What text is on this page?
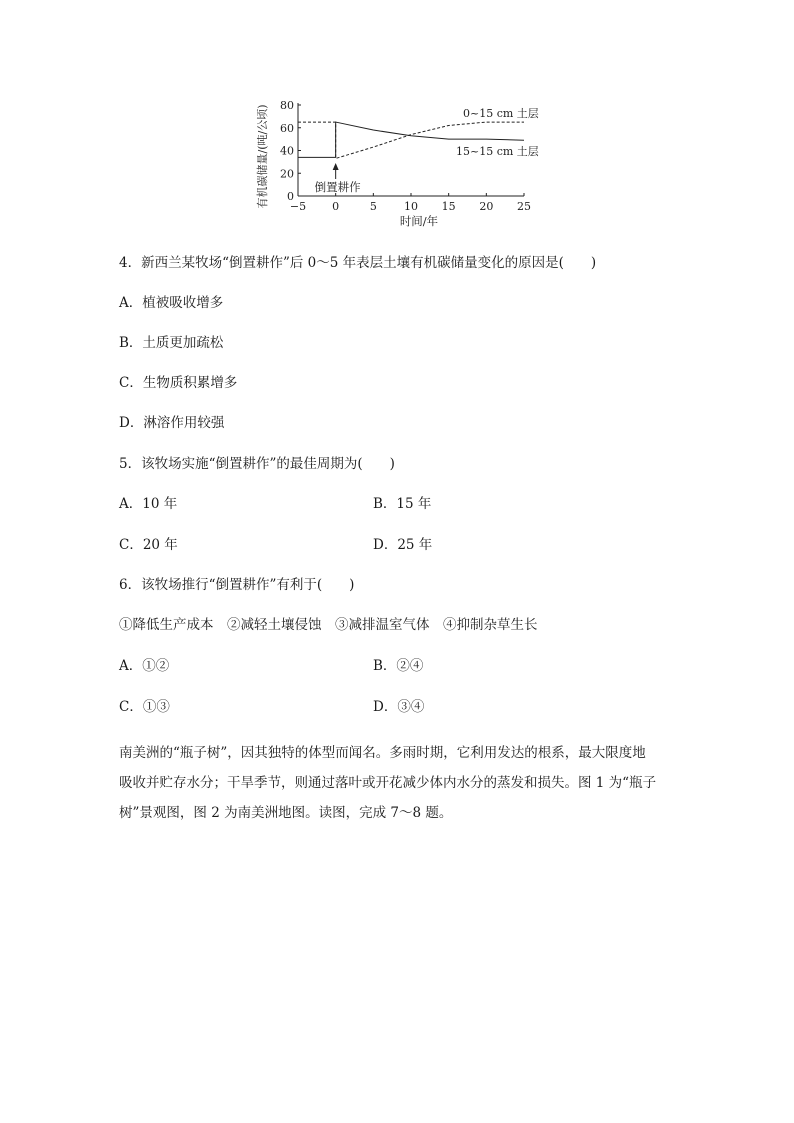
0
20
40
60
80
−5 0	5 10 15 20 25
时间/年
有机碳储量/(吨/公顷)	0~15 cm 土层
15~15 cm 土层
倒置耕作
4．新西兰某牧场“倒置耕作”后 0～5 年表层土壤有机碳储量变化的原因是(　　)
A．植被吸收增多
B．土质更加疏松
C．生物质积累增多
D．淋溶作用较强
5．该牧场实施“倒置耕作”的最佳周期为(　　)
A．10 年	B．15 年
C．20 年	D．25 年
6．该牧场推行“倒置耕作”有利于(　　)
①降低生产成本　②减轻土壤侵蚀　③减排温室气体　④抑制杂草生长
A．①②	B．②④
C．①③	D．③④
南美洲的“瓶子树”，因其独特的体型而闻名。多雨时期，它利用发达的根系，最大限度地
吸收并贮存水分；干旱季节，则通过落叶或开花减少体内水分的蒸发和损失。图 1 为“瓶子
树”景观图，图 2 为南美洲地图。读图，完成 7～8 题。
